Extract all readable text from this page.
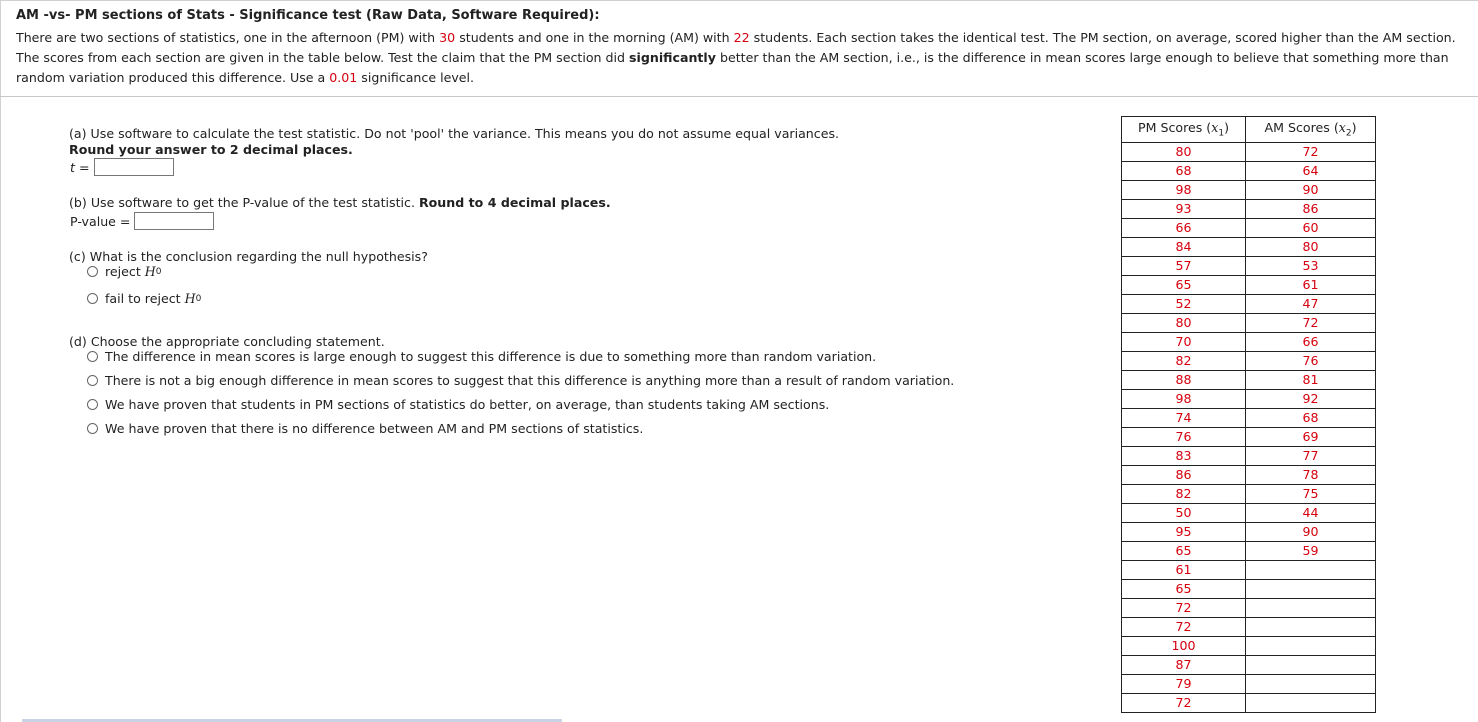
AM -vs- PM sections of Stats - Significance test (Raw Data, Software Required):
There are two sections of statistics, one in the afternoon (PM) with 30 students and one in the morning (AM) with 22 students. Each section takes the identical test. The PM section, on average, scored higher than the AM section. The scores from each section are given in the table below. Test the claim that the PM section did significantly better than the AM section, i.e., is the difference in mean scores large enough to believe that something more than random variation produced this difference. Use a 0.01 significance level.
(a) Use software to calculate the test statistic. Do not 'pool' the variance. This means you do not assume equal variances.
Round your answer to 2 decimal places.
t =
(b) Use software to get the P-value of the test statistic. Round to 4 decimal places.
P-value =
(c) What is the conclusion regarding the null hypothesis?
reject
H 0
fail to reject
H 0
(d) Choose the appropriate concluding statement.
The difference in mean scores is large enough to suggest this difference is due to something more than random variation.
There is not a big enough difference in mean scores to suggest that this difference is anything more than a result of random variation.
We have proven that students in PM sections of statistics do better, on average, than students taking AM sections.
We have proven that there is no difference between AM and PM sections of statistics.
PM Scores $(x_1)$	AM Scores $(x_2)$
80	72
68	64
98	90
93	86
66	60
84	80
57	53
65	61
52	47
80	72
70	66
82	76
88	81
98	92
74	68
76	69
83	77
86	78
82	75
50	44
95	90
65	59
61	
65	
72	
72	
100	
87	
79	
72	
